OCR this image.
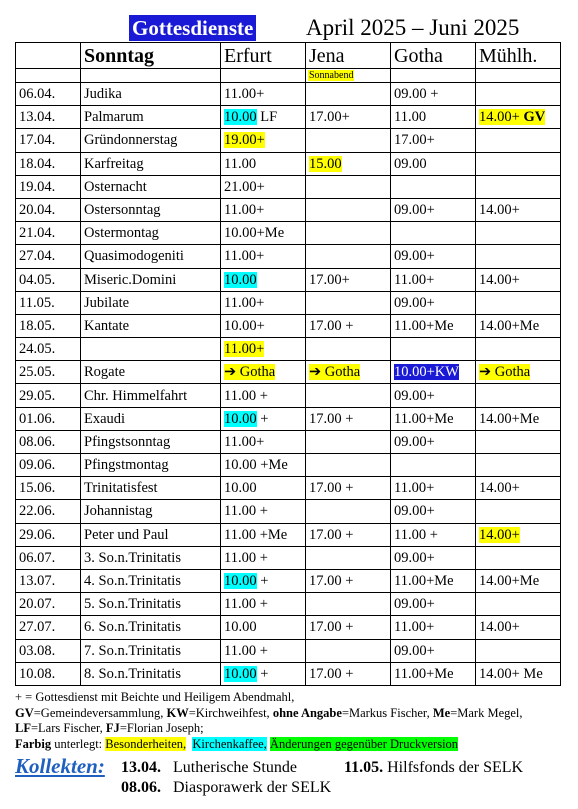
Gottesdienste April 2025 – Juni 2025
	Sonntag	Erfurt	Jena	Gotha	Mühlh.
			Sonnabend		
06.04.	Judika	11.00+		09.00 +	
13.04.	Palmarum	10.00 LF	17.00+	11.00	14.00+ GV
17.04.	Gründonnerstag	19.00+		17.00+	
18.04.	Karfreitag	11.00	15.00	09.00	
19.04.	Osternacht	21.00+			
20.04.	Ostersonntag	11.00+		09.00+	14.00+
21.04.	Ostermontag	10.00+Me			
27.04.	Quasimodogeniti	11.00+		09.00+	
04.05.	Miseric.Domini	10.00	17.00+	11.00+	14.00+
11.05.	Jubilate	11.00+		09.00+	
18.05.	Kantate	10.00+	17.00 +	11.00+Me	14.00+Me
24.05.		11.00+			
25.05.	Rogate	➔ Gotha	➔ Gotha	10.00+KW	➔ Gotha
29.05.	Chr. Himmelfahrt	11.00 +		09.00+	
01.06.	Exaudi	10.00 +	17.00 +	11.00+Me	14.00+Me
08.06.	Pfingstsonntag	11.00+		09.00+	
09.06.	Pfingstmontag	10.00 +Me			
15.06.	Trinitatisfest	10.00	17.00 +	11.00+	14.00+
22.06.	Johannistag	11.00 +		09.00+	
29.06.	Peter und Paul	11.00 +Me	17.00 +	11.00 +	14.00+
06.07.	3. So.n.Trinitatis	11.00 +		09.00+	
13.07.	4. So.n.Trinitatis	10.00 +	17.00 +	11.00+Me	14.00+Me
20.07.	5. So.n.Trinitatis	11.00 +		09.00+	
27.07.	6. So.n.Trinitatis	10.00	17.00 +	11.00+	14.00+
03.08.	7. So.n.Trinitatis	11.00 +		09.00+	
10.08.	8. So.n.Trinitatis	10.00 +	17.00 +	11.00+Me	14.00+ Me
+ = Gottesdienst mit Beichte und Heiligem Abendmahl,
GV=Gemeindeversammlung, KW=Kirchweihfest, ohne Angabe=Markus Fischer, Me=Mark Megel,
LF=Lars Fischer, FJ=Florian Joseph;
Farbig unterlegt: Besonderheiten, Kirchenkaffee, Änderungen gegenüber Druckversion
Kollekten: 13.04. Lutherische Stunde	11.05. Hilfsfonds der SELK
08.06. Diasporawerk der SELK
